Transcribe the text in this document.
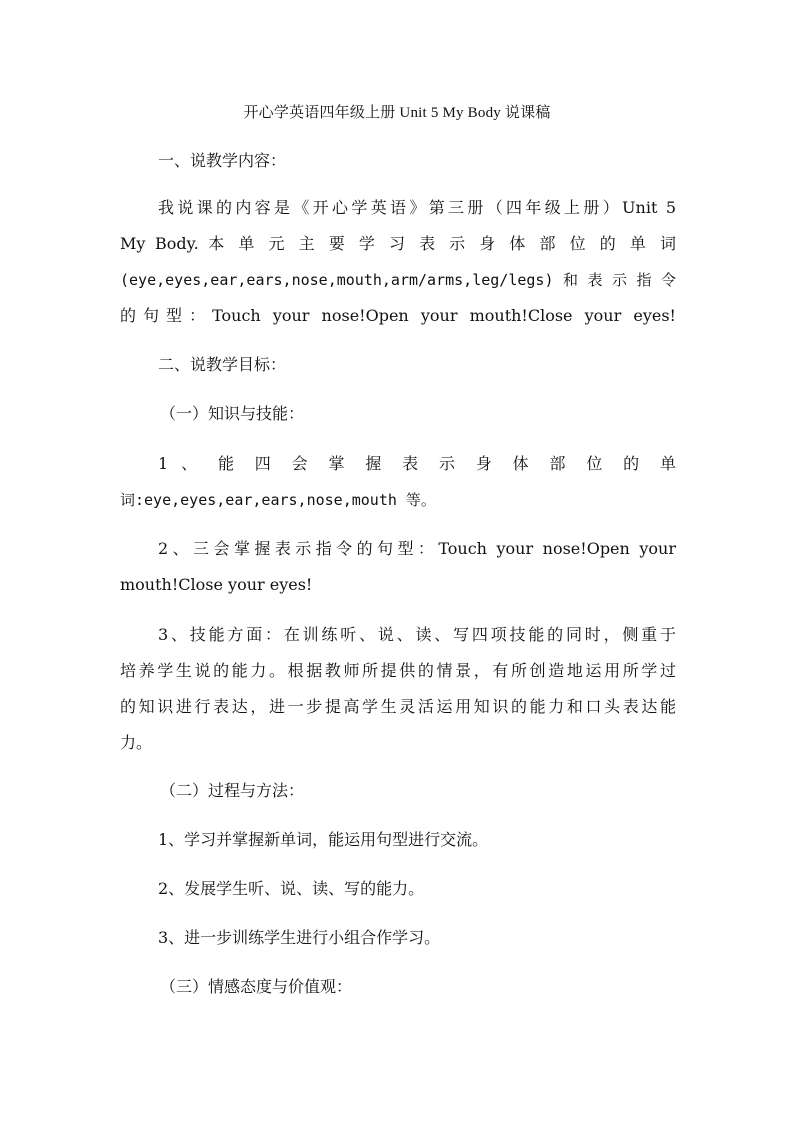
开心学英语四年级上册 Unit 5 My Body 说课稿
一、说教学内容：
我说课的内容是《开心学英语》第三册（四年级上册）Unit 5
My Body. 本 单 元 主 要 学 习 表 示 身 体 部 位 的 单 词
(eye,eyes,ear,ears,nose,mouth,arm/arms,leg/legs)和表示指令
的句型：Touch your nose!Open your mouth!Close your eyes!
二、说教学目标：
（一）知识与技能：
1 、 能 四 会 掌 握 表 示 身 体 部 位 的 单
词:eye,eyes,ear,ears,nose,mouth 等。
2、三会掌握表示指令的句型：Touch your nose!Open your
mouth!Close your eyes!
3、技能方面：在训练听、说、读、写四项技能的同时，侧重于
培养学生说的能力。根据教师所提供的情景，有所创造地运用所学过
的知识进行表达，进一步提高学生灵活运用知识的能力和口头表达能
力。
（二）过程与方法：
1、学习并掌握新单词，能运用句型进行交流。
2、发展学生听、说、读、写的能力。
3、进一步训练学生进行小组合作学习。
（三）情感态度与价值观：
